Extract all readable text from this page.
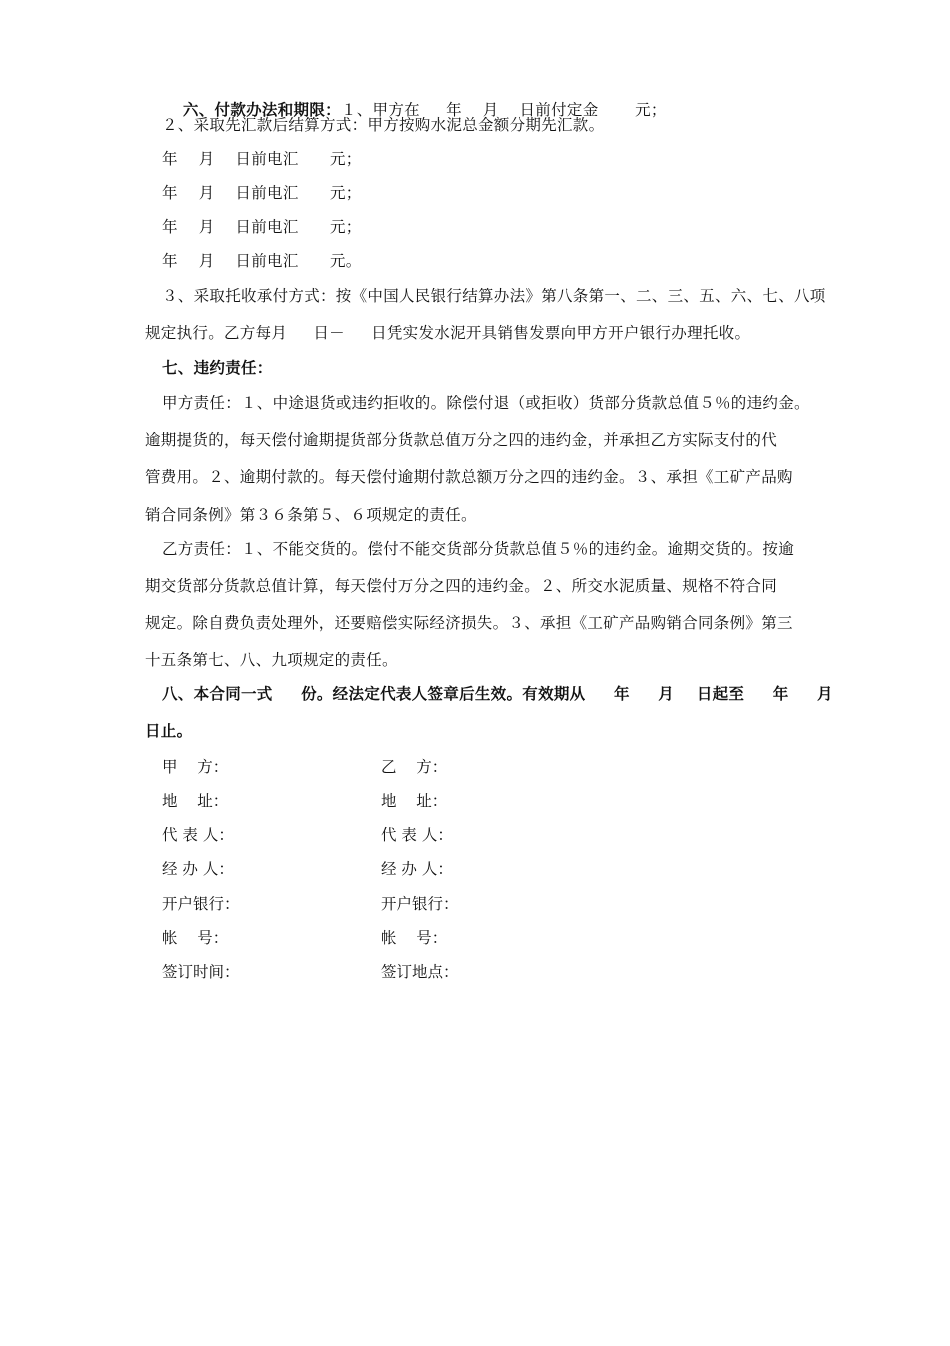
六、付款办法和期限：１、甲方在     年    月    日前付定金       元；

２、采取先汇款后结算方式：甲方按购水泥总金额分期先汇款。
年    月    日前电汇      元；
年    月    日前电汇      元；
年    月    日前电汇      元；
年    月    日前电汇      元。
３、采取托收承付方式：按《中国人民银行结算办法》第八条第一、二、三、五、六、七、八项
规定执行。乙方每月     日－     日凭实发水泥开具销售发票向甲方开户银行办理托收。
七、违约责任：
甲方责任：１、中途退货或违约拒收的。除偿付退（或拒收）货部分货款总值５％的违约金。
逾期提货的，每天偿付逾期提货部分货款总值万分之四的违约金，并承担乙方实际支付的代
管费用。２、逾期付款的。每天偿付逾期付款总额万分之四的违约金。３、承担《工矿产品购
销合同条例》第３６条第５、６项规定的责任。
乙方责任：１、不能交货的。偿付不能交货部分货款总值５％的违约金。逾期交货的。按逾
期交货部分货款总值计算，每天偿付万分之四的违约金。２、所交水泥质量、规格不符合同
规定。除自费负责处理外，还要赔偿实际经济损失。３、承担《工矿产品购销合同条例》第三
十五条第七、八、九项规定的责任。
八、本合同一式     份。经法定代表人签章后生效。有效期从     年     月    日起至     年     月
日止。
甲    方：	乙    方：
地    址：	地    址：
代 表 人：	代 表 人：
经 办 人：	经 办 人：
开户银行：	开户银行：
帐    号：	帐    号：
签订时间：	签订地点：
